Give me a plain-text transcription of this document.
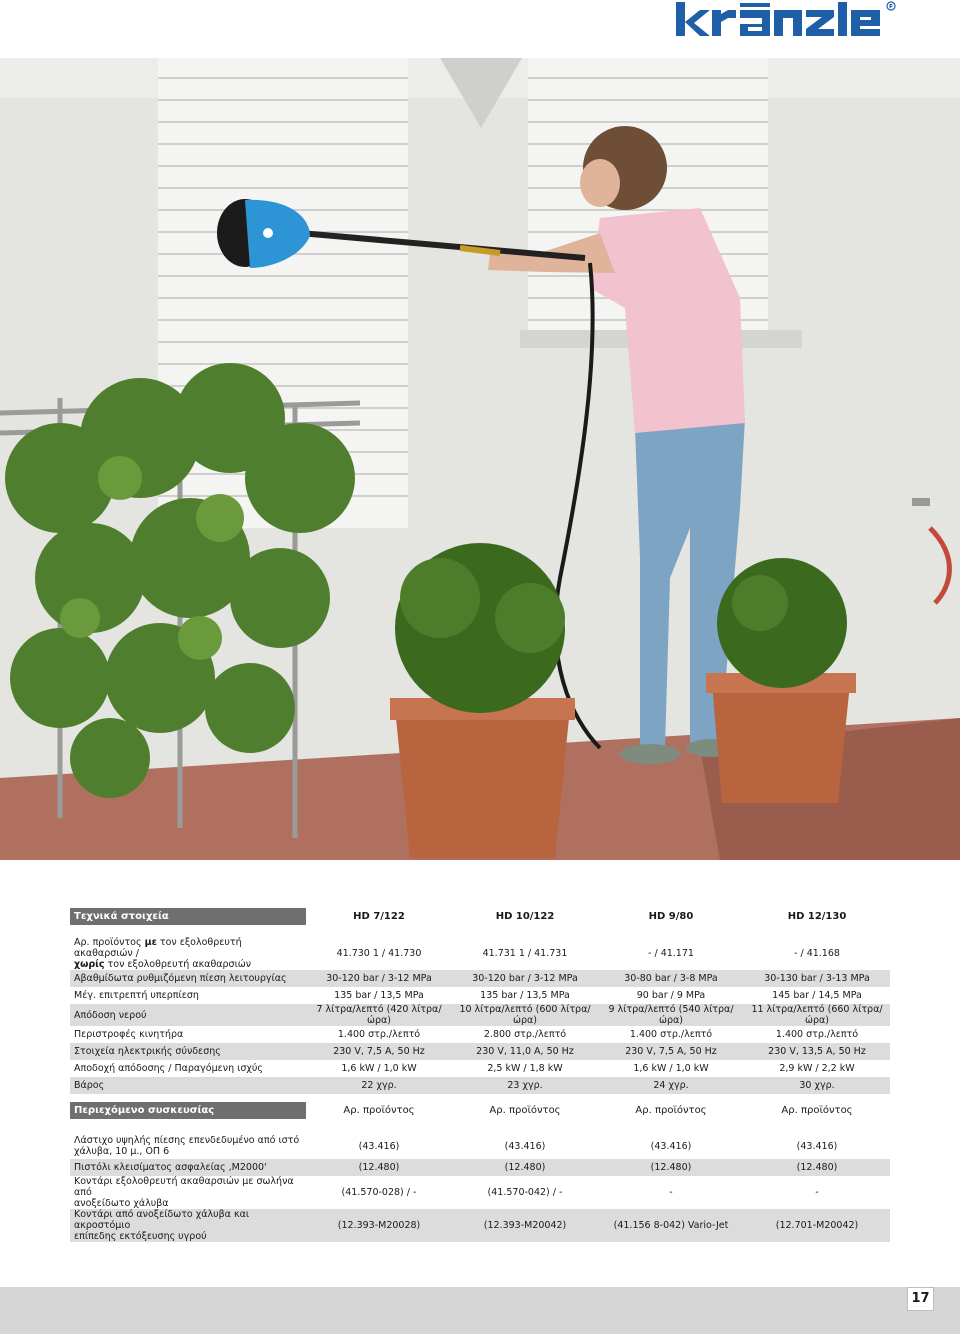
Τεχνικά στοιχεία	HD 7/122	HD 10/122	HD 9/80	HD 12/130

Αρ. προϊόντος με τον εξολοθρευτή ακαθαρσιών /
χωρίς τον εξολοθρευτή ακαθαρσιών	41.730 1 / 41.730	41.731 1 / 41.731	- / 41.171	- / 41.168
Αβαθμίδωτα ρυθμιζόμενη πίεση λειτουργίας	30-120 bar / 3-12 MPa	30-120 bar / 3-12 MPa	30-80 bar / 3-8 MPa	30-130 bar / 3-13 MPa
Μέγ. επιτρεπτή υπερπίεση	135 bar / 13,5 MPa	135 bar / 13,5 MPa	90 bar / 9 MPa	145 bar / 14,5 MPa
Απόδοση νερού	7 λίτρα/λεπτό (420 λίτρα/ώρα)	10 λίτρα/λεπτό (600 λίτρα/ώρα)	9 λίτρα/λεπτό (540 λίτρα/ώρα)	11 λίτρα/λεπτό (660 λίτρα/ώρα)
Περιστροφές κινητήρα	1.400 στρ./λεπτό	2.800 στρ./λεπτό	1.400 στρ./λεπτό	1.400 στρ./λεπτό
Στοιχεία ηλεκτρικής σύνδεσης	230 V, 7,5 A, 50 Hz	230 V, 11,0 A, 50 Hz	230 V, 7,5 A, 50 Hz	230 V, 13,5 A, 50 Hz
Αποδοχή απόδοσης / Παραγόμενη ισχύς	1,6 kW / 1,0 kW	2,5 kW / 1,8 kW	1,6 kW / 1,0 kW	2,9 kW / 2,2 kW
Βάρος	22 χγρ.	23 χγρ.	24 χγρ.	30 χγρ.
Περιεχόμενο συσκευσίας	Αρ. προϊόντος	Αρ. προϊόντος	Αρ. προϊόντος	Αρ. προϊόντος

Λάστιχο υψηλής πίεσης επενδεδυμένο από ιστό
χάλυβα, 10 μ., ΟΠ 6	(43.416)	(43.416)	(43.416)	(43.416)
Πιστόλι κλεισίματος ασφαλείας ‚M2000‘	(12.480)	(12.480)	(12.480)	(12.480)
Κοντάρι εξολοθρευτή ακαθαρσιών με σωλήνα από
ανοξείδωτο χάλυβα	(41.570-028) / -	(41.570-042) / -	-	-
Κοντάρι από ανοξείδωτο χάλυβα και ακροστόμιο
επίπεδης εκτόξευσης υγρού	(12.393-M20028)	(12.393-M20042)	(41.156 8-042) Vario-Jet	(12.701-M20042)
17
